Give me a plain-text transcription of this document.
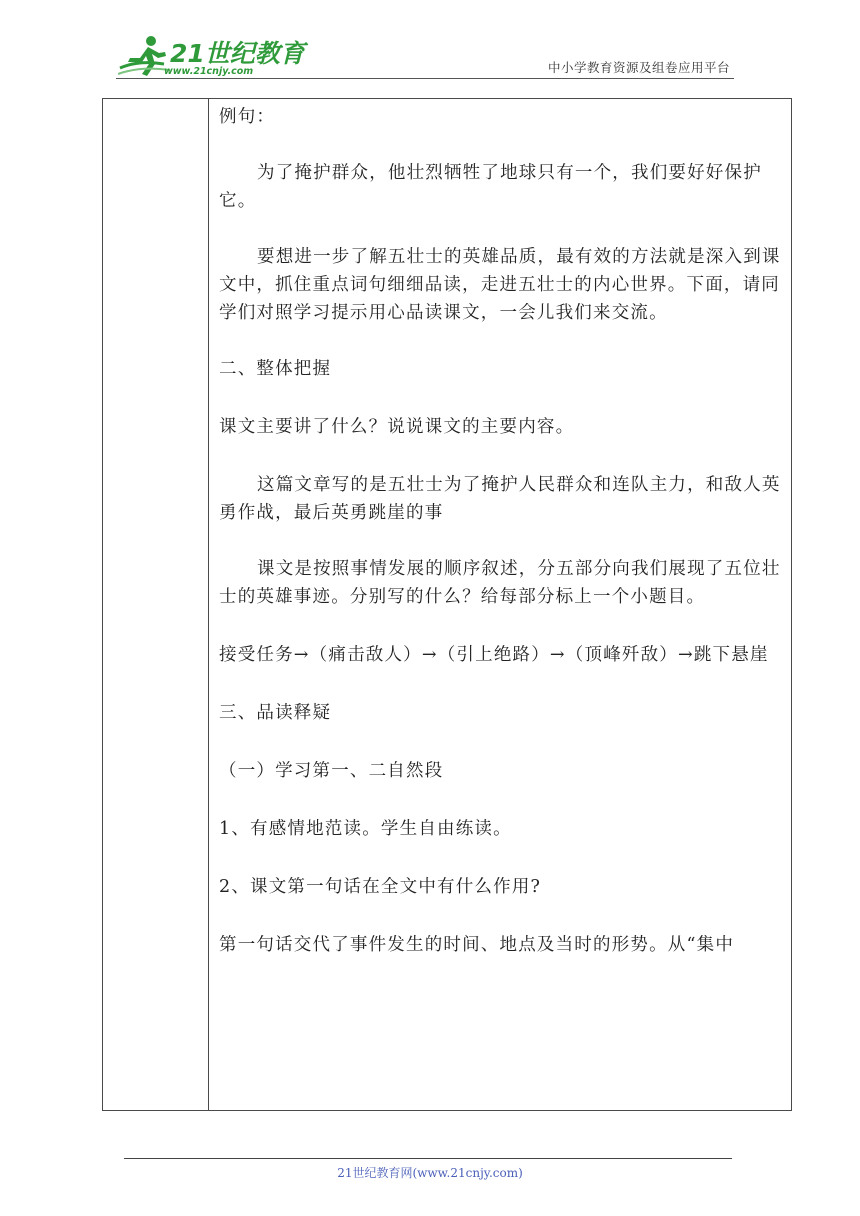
21世纪教育
www.21cnjy.com	中小学教育资源及组卷应用平台

例句：

为了掩护群众，他壮烈牺牲了地球只有一个，我们要好好保护它。

要想进一步了解五壮士的英雄品质，最有效的方法就是深入到课文中，抓住重点词句细细品读，走进五壮士的内心世界。下面，请同学们对照学习提示用心品读课文，一会儿我们来交流。

二、整体把握

课文主要讲了什么？说说课文的主要内容。

这篇文章写的是五壮士为了掩护人民群众和连队主力，和敌人英勇作战，最后英勇跳崖的事

课文是按照事情发展的顺序叙述，分五部分向我们展现了五位壮士的英雄事迹。分别写的什么？给每部分标上一个小题目。

接受任务→（痛击敌人）→（引上绝路）→（顶峰歼敌）→跳下悬崖

三、品读释疑

（一）学习第一、二自然段

1、有感情地范读。学生自由练读。

2、课文第一句话在全文中有什么作用?

第一句话交代了事件发生的时间、地点及当时的形势。从“集中

21世纪教育网(www.21cnjy.com)
